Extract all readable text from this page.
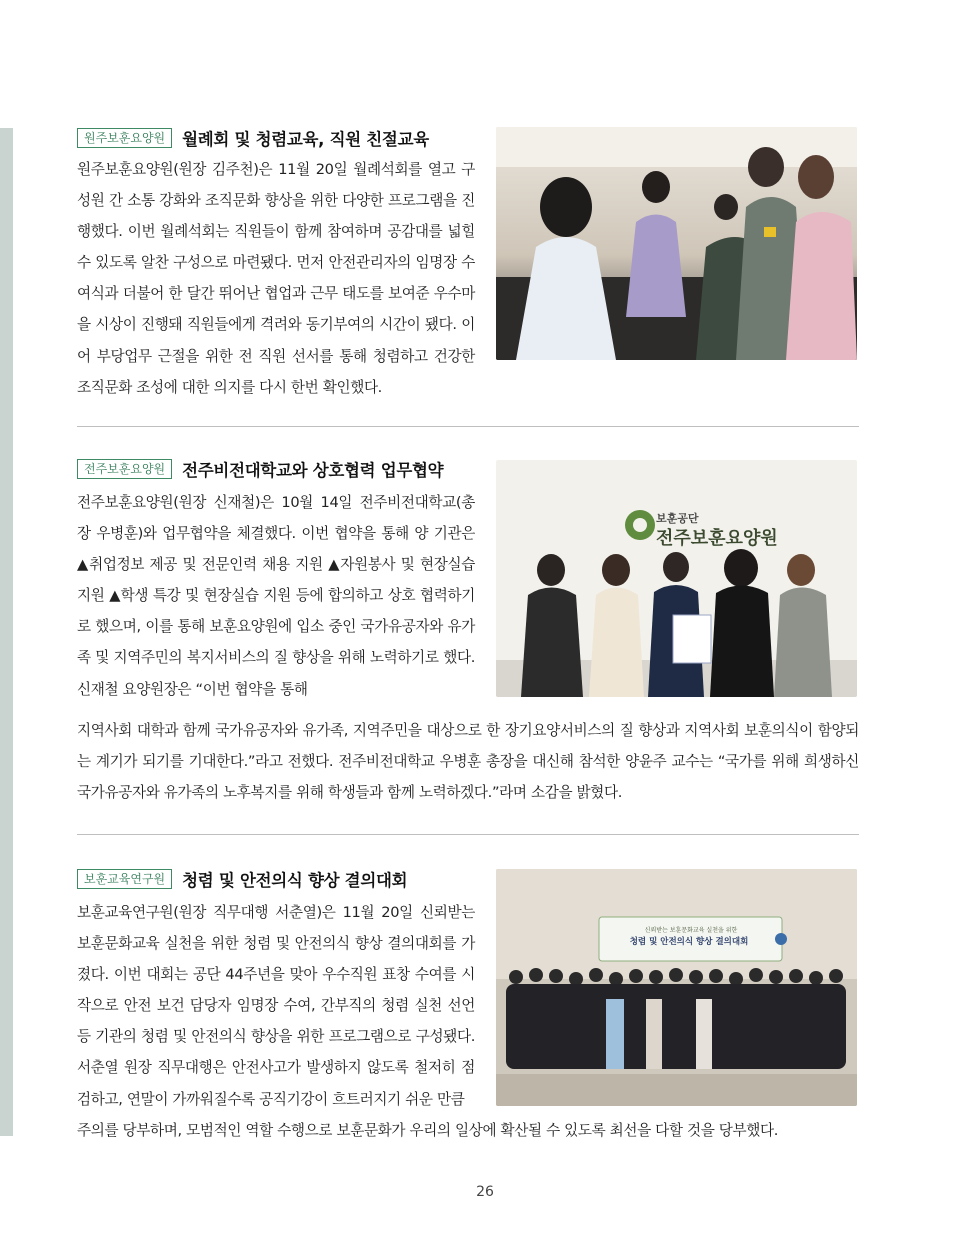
원주보훈요양원	월례회 및 청렴교육, 직원 친절교육
원주보훈요양원(원장 김주천)은 11월 20일 월례석회를 열고 구성원 간 소통 강화와 조직문화 향상을 위한 다양한 프로그램을 진행했다. 이번 월례석회는 직원들이 함께 참여하며 공감대를 넓힐 수 있도록 알찬 구성으로 마련됐다. 먼저 안전관리자의 임명장 수여식과 더불어 한 달간 뛰어난 협업과 근무 태도를 보여준 우수마을 시상이 진행돼 직원들에게 격려와 동기부여의 시간이 됐다. 이어 부당업무 근절을 위한 전 직원 선서를 통해 청렴하고 건강한 조직문화 조성에 대한 의지를 다시 한번 확인했다.
전주보훈요양원	전주비전대학교와 상호협력 업무협약
전주보훈요양원(원장 신재철)은 10월 14일 전주비전대학교(총장 우병훈)와 업무협약을 체결했다. 이번 협약을 통해 양 기관은 ▲취업정보 제공 및 전문인력 채용 지원 ▲자원봉사 및 현장실습 지원 ▲학생 특강 및 현장실습 지원 등에 합의하고 상호 협력하기로 했으며, 이를 통해 보훈요양원에 입소 중인 국가유공자와 유가족 및 지역주민의 복지서비스의 질 향상을 위해 노력하기로 했다. 신재철 요양원장은 “이번 협약을 통해
지역사회 대학과 함께 국가유공자와 유가족, 지역주민을 대상으로 한 장기요양서비스의 질 향상과 지역사회 보훈의식이 함양되는 계기가 되기를 기대한다.”라고 전했다. 전주비전대학교 우병훈 총장을 대신해 참석한 양윤주 교수는 “국가를 위해 희생하신 국가유공자와 유가족의 노후복지를 위해 학생들과 함께 노력하겠다.”라며 소감을 밝혔다.
보훈공단
전주보훈요양원
보훈교육연구원	청렴 및 안전의식 향상 결의대회
보훈교육연구원(원장 직무대행 서춘열)은 11월 20일 신뢰받는 보훈문화교육 실천을 위한 청렴 및 안전의식 향상 결의대회를 가졌다. 이번 대회는 공단 44주년을 맞아 우수직원 표창 수여를 시작으로 안전 보건 담당자 임명장 수여, 간부직의 청렴 실천 선언 등 기관의 청렴 및 안전의식 향상을 위한 프로그램으로 구성됐다. 서춘열 원장 직무대행은 안전사고가 발생하지 않도록 철저히 점검하고, 연말이 가까워질수록 공직기강이 흐트러지기 쉬운 만큼
주의를 당부하며, 모범적인 역할 수행으로 보훈문화가 우리의 일상에 확산될 수 있도록 최선을 다할 것을 당부했다.
신뢰받는 보훈문화교육 실천을 위한
청렴 및 안전의식 향상 결의대회
26
